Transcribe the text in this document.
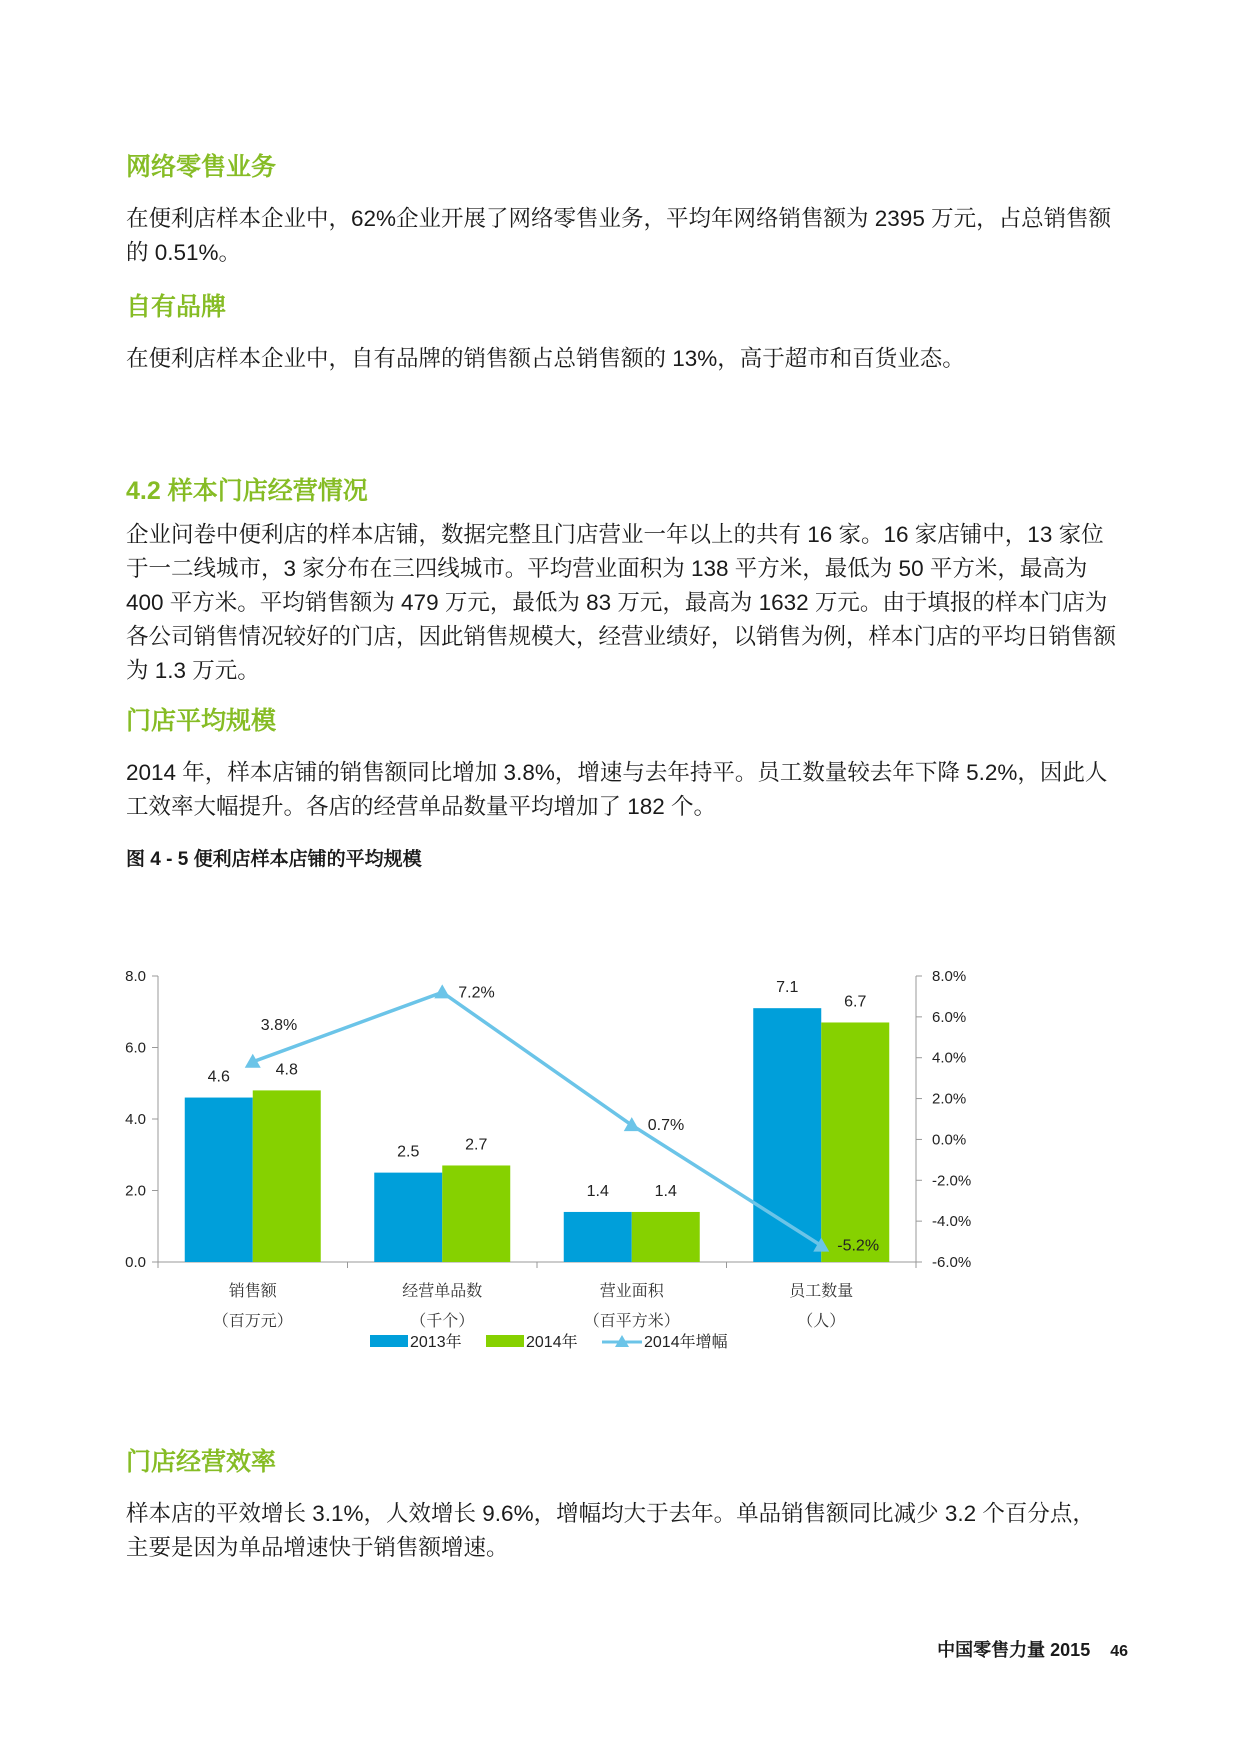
网络零售业务

在便利店样本企业中，62%企业开展了网络零售业务，平均年网络销售额为 2395 万元，占总销售额的 0.51%。

自有品牌

在便利店样本企业中，自有品牌的销售额占总销售额的 13%，高于超市和百货业态。

4.2 样本门店经营情况

企业问卷中便利店的样本店铺，数据完整且门店营业一年以上的共有 16 家。16 家店铺中，13 家位于一二线城市，3 家分布在三四线城市。平均营业面积为 138 平方米，最低为 50 平方米，最高为 400 平方米。平均销售额为 479 万元，最低为 83 万元，最高为 1632 万元。由于填报的样本门店为各公司销售情况较好的门店，因此销售规模大，经营业绩好，以销售为例，样本门店的平均日销售额为 1.3 万元。

门店平均规模

2014 年，样本店铺的销售额同比增加 3.8%，增速与去年持平。员工数量较去年下降 5.2%，因此人工效率大幅提升。各店的经营单品数量平均增加了 182 个。

图 4 - 5 便利店样本店铺的平均规模

0.0
2.0
4.0
6.0
8.0
-6.0%
-4.0%
-2.0%
0.0%
2.0%
4.0%
6.0%
8.0%
4.6	4.8
销售额
（百万元）
2.5	2.7
经营单品数
（千个）
1.4	1.4
营业面积
（百平方米）
7.1
6.7
员工数量
（人）
3.8%
7.2%
0.7%
-5.2%
2013年	2014年	2014年增幅
门店经营效率

样本店的平效增长 3.1%，人效增长 9.6%，增幅均大于去年。单品销售额同比减少 3.2 个百分点，主要是因为单品增速快于销售额增速。

中国零售力量 2015 46
